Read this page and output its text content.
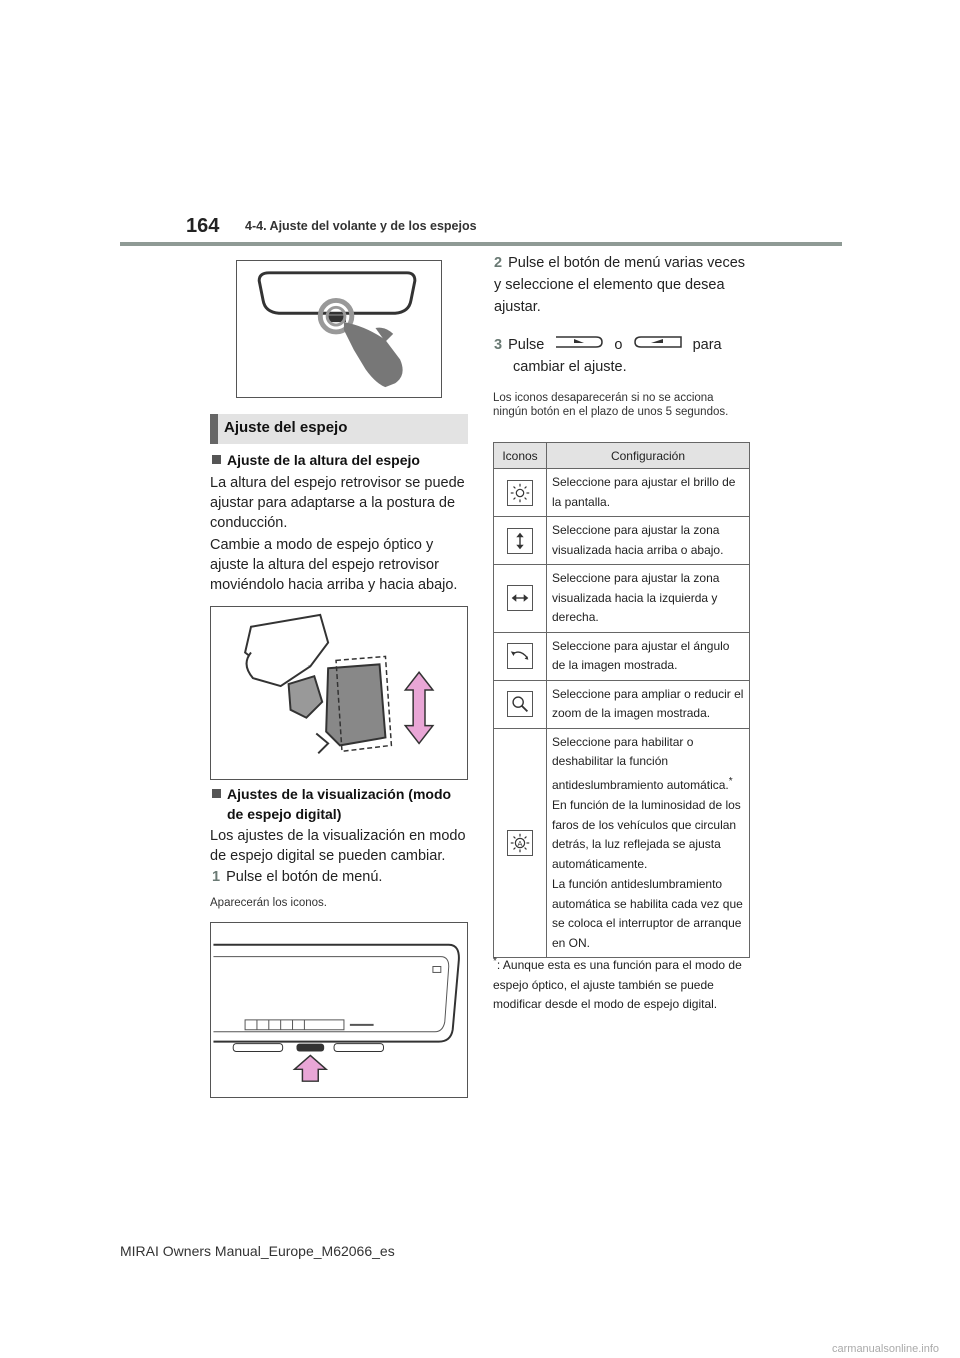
164 4-4. Ajuste del volante y de los espejos
Ajuste del espejo
Ajuste de la altura del espejo
La altura del espejo retrovisor se puede ajustar para adaptarse a la postura de conducción.
Cambie a modo de espejo óptico y ajuste la altura del espejo retrovisor moviéndolo hacia arriba y hacia abajo.
Ajustes de la visualización (modo
de espejo digital)
Los ajustes de la visualización en modo de espejo digital se pueden cambiar.
1 Pulse el botón de menú.
Aparecerán los iconos.
2 Pulse el botón de menú varias veces y seleccione el elemento que desea ajustar.
3 Pulse	o	para
cambiar el ajuste.
Los iconos desaparecerán si no se acciona ningún botón en el plazo de unos 5 segundos.
Iconos	Configuración

	Seleccione para ajustar el brillo de la pantalla.

	Seleccione para ajustar la zona visualizada hacia arriba o abajo.

	Seleccione para ajustar la zona visualizada hacia la izquierda y derecha.

	Seleccione para ajustar el ángulo de la imagen mostrada.

	Seleccione para ampliar o reducir el zoom de la imagen mostrada.

A	Seleccione para habilitar o deshabilitar la función antideslumbramiento automática.*

En función de la luminosidad de los faros de los vehículos que circulan detrás, la luz reflejada se ajusta automáticamente.

La función antideslumbramiento automática se habilita cada vez que se coloca el interruptor de arranque en ON.

*: Aunque esta es una función para el modo de espejo óptico, el ajuste también se puede modificar desde el modo de espejo digital.
MIRAI Owners Manual_Europe_M62066_es
carmanualsonline.info
